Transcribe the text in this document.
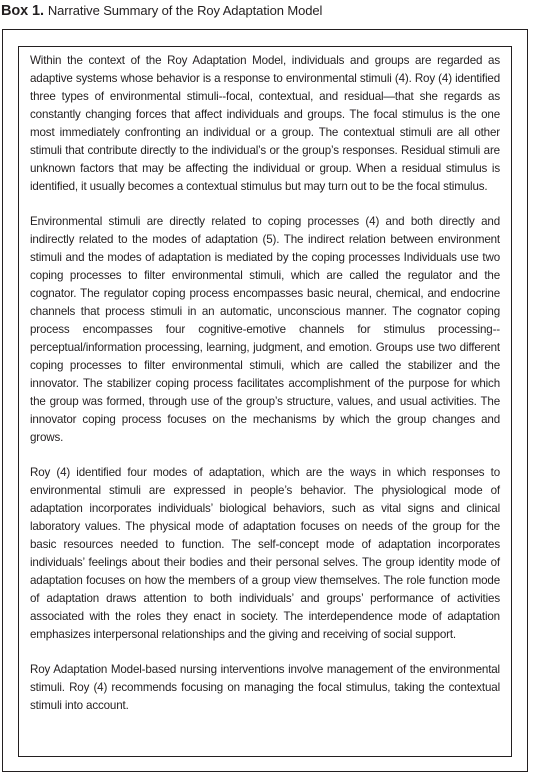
Box 1. Narrative Summary of the Roy Adaptation Model

Within the context of the Roy Adaptation Model, individuals and groups are regarded as adaptive systems whose behavior is a response to environmental stimuli (4). Roy (4) identified three types of environmental stimuli--focal, contextual, and residual—that she regards as constantly changing forces that affect individuals and groups. The focal stimulus is the one most immediately confronting an individual or a group. The contextual stimuli are all other stimuli that contribute directly to the individual’s or the group’s responses. Residual stimuli are unknown factors that may be affecting the individual or group. When a residual stimulus is identified, it usually becomes a contextual stimulus but may turn out to be the focal stimulus.

Environmental stimuli are directly related to coping processes (4) and both directly and indirectly related to the modes of adaptation (5). The indirect relation between environment stimuli and the modes of adaptation is mediated by the coping processes Individuals use two coping processes to filter environmental stimuli, which are called the regulator and the cognator. The regulator coping process encompasses basic neural, chemical, and endocrine channels that process stimuli in an automatic, unconscious manner. The cognator coping process encompasses four cognitive-emotive channels for stimulus processing--perceptual/information processing, learning, judgment, and emotion. Groups use two different coping processes to filter environmental stimuli, which are called the stabilizer and the innovator. The stabilizer coping process facilitates accomplishment of the purpose for which the group was formed, through use of the group’s structure, values, and usual activities. The innovator coping process focuses on the mechanisms by which the group changes and grows.

Roy (4) identified four modes of adaptation, which are the ways in which responses to environmental stimuli are expressed in people’s behavior. The physiological mode of adaptation incorporates individuals’ biological behaviors, such as vital signs and clinical laboratory values. The physical mode of adaptation focuses on needs of the group for the basic resources needed to function. The self-concept mode of adaptation incorporates individuals’ feelings about their bodies and their personal selves. The group identity mode of adaptation focuses on how the members of a group view themselves. The role function mode of adaptation draws attention to both individuals’ and groups’ performance of activities associated with the roles they enact in society. The interdependence mode of adaptation emphasizes interpersonal relationships and the giving and receiving of social support.

Roy Adaptation Model-based nursing interventions involve management of the environmental stimuli. Roy (4) recommends focusing on managing the focal stimulus, taking the contextual stimuli into account.
